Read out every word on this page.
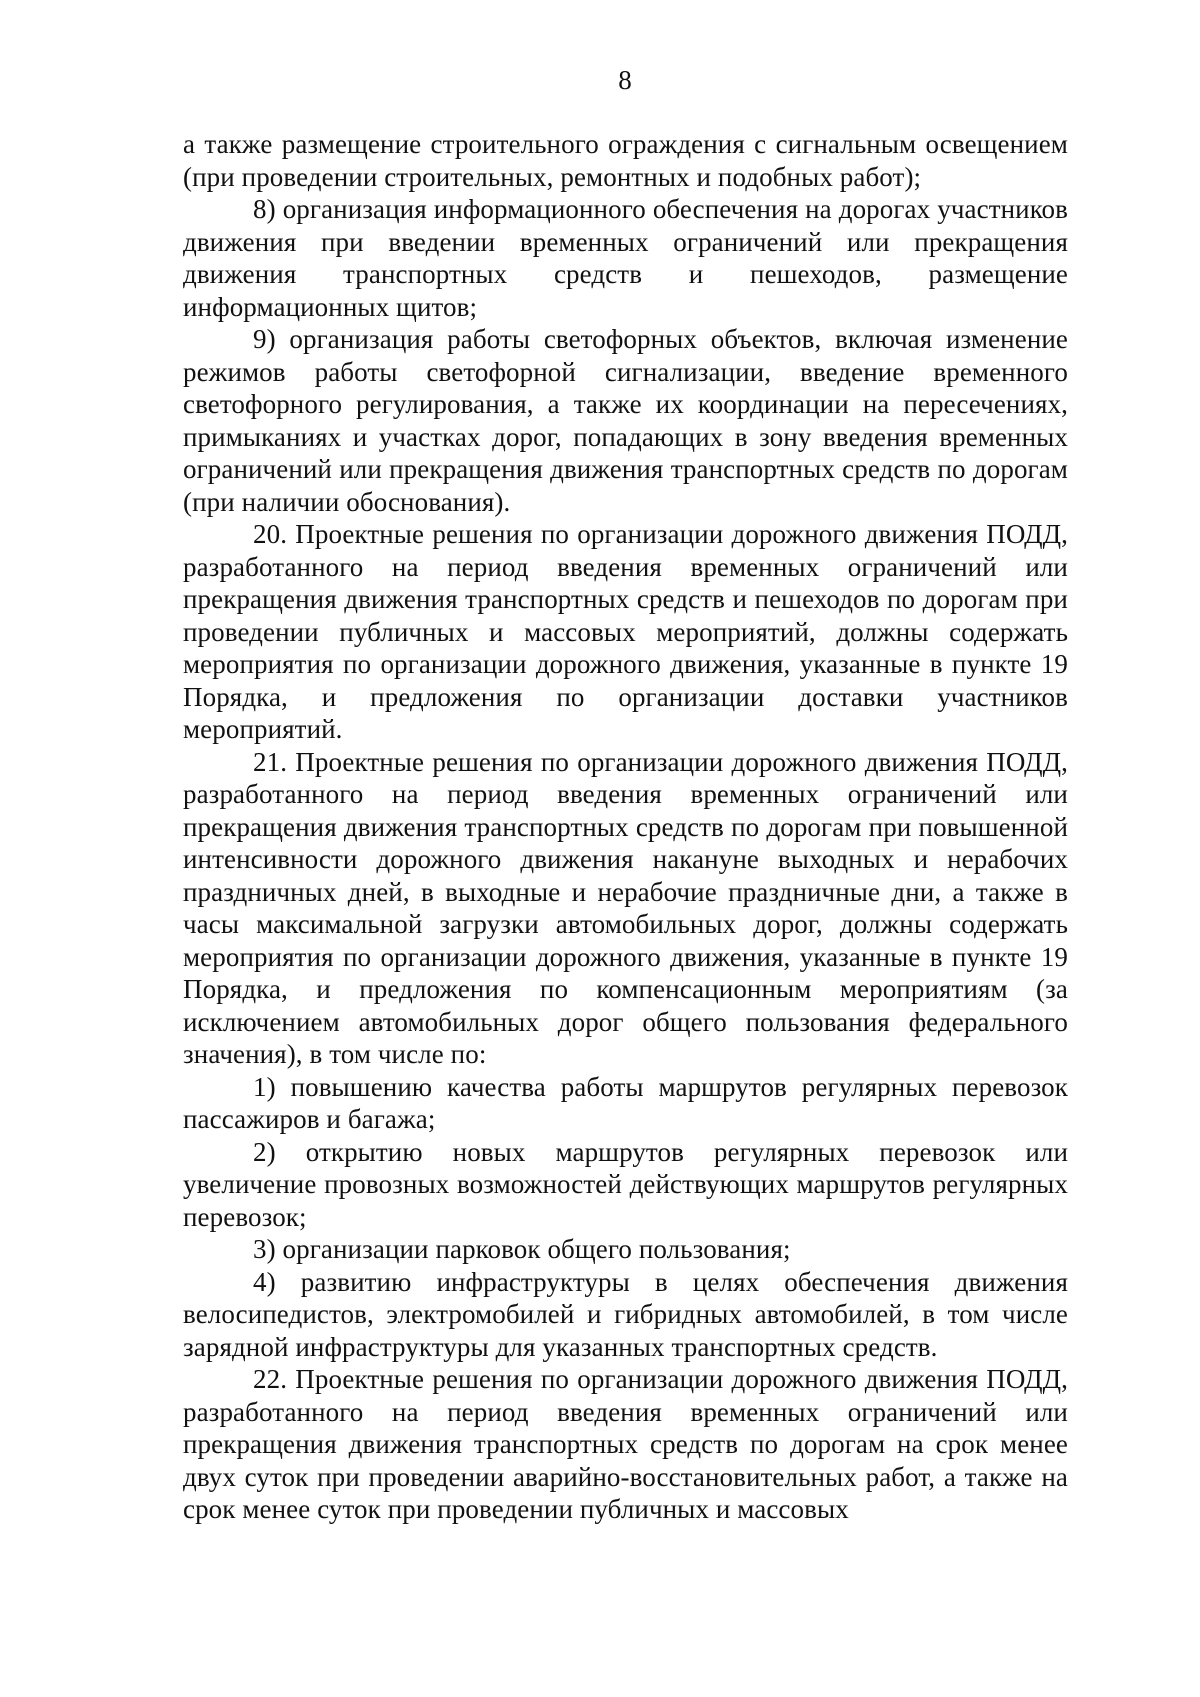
8

а также размещение строительного ограждения с сигнальным освещением (при проведении строительных, ремонтных и подобных работ);

8) организация информационного обеспечения на дорогах участников движения при введении временных ограничений или прекращения движения транспортных средств и пешеходов, размещение информационных щитов;

9) организация работы светофорных объектов, включая изменение режимов работы светофорной сигнализации, введение временного светофорного регулирования, а также их координации на пересечениях, примыканиях и участках дорог, попадающих в зону введения временных ограничений или прекращения движения транспортных средств по дорогам (при наличии обоснования).

20. Проектные решения по организации дорожного движения ПОДД, разработанного на период введения временных ограничений или прекращения движения транспортных средств и пешеходов по дорогам при проведении публичных и массовых мероприятий, должны содержать мероприятия по организации дорожного движения, указанные в пункте 19 Порядка, и предложения по организации доставки участников мероприятий.

21. Проектные решения по организации дорожного движения ПОДД, разработанного на период введения временных ограничений или прекращения движения транспортных средств по дорогам при повышенной интенсивности дорожного движения накануне выходных и нерабочих праздничных дней, в выходные и нерабочие праздничные дни, а также в часы максимальной загрузки автомобильных дорог, должны содержать мероприятия по организации дорожного движения, указанные в пункте 19 Порядка, и предложения по компенсационным мероприятиям (за исключением автомобильных дорог общего пользования федерального значения), в том числе по:

1) повышению качества работы маршрутов регулярных перевозок пассажиров и багажа;

2) открытию новых маршрутов регулярных перевозок или увеличение провозных возможностей действующих маршрутов регулярных перевозок;

3) организации парковок общего пользования;

4) развитию инфраструктуры в целях обеспечения движения велосипедистов, электромобилей и гибридных автомобилей, в том числе зарядной инфраструктуры для указанных транспортных средств.

22. Проектные решения по организации дорожного движения ПОДД, разработанного на период введения временных ограничений или прекращения движения транспортных средств по дорогам на срок менее двух суток при проведении аварийно-восстановительных работ, а также на срок менее суток при проведении публичных и массовых
